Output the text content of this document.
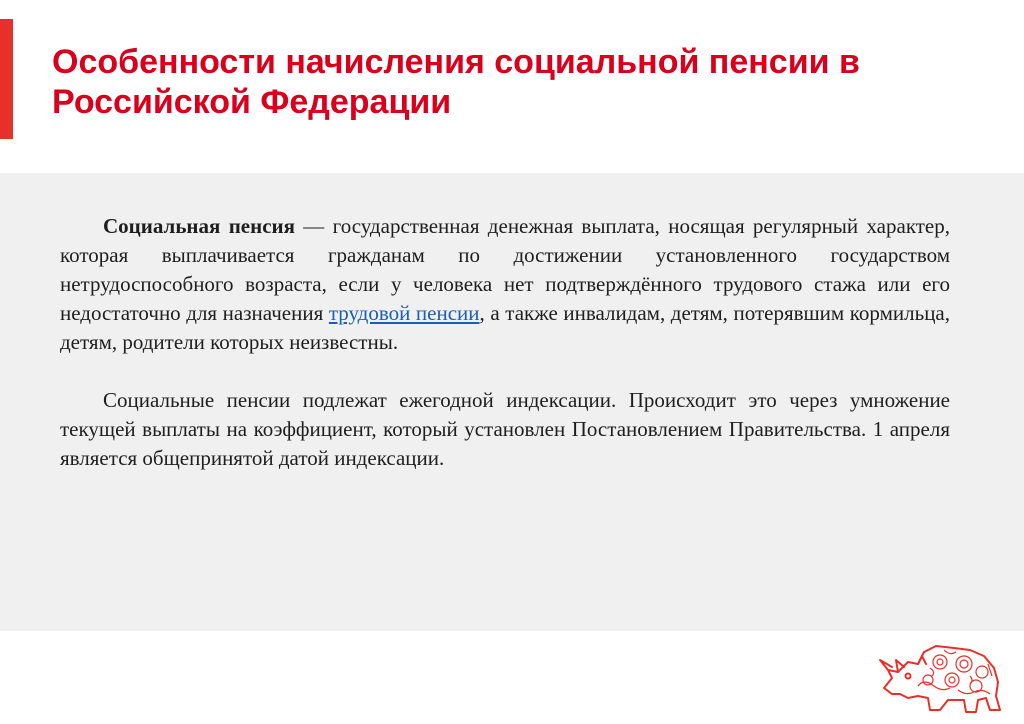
Особенности начисления социальной пенсии в Российской Федерации

Социальная пенсия — государственная денежная выплата, носящая регулярный характер, которая выплачивается гражданам по достижении установленного государством нетрудоспособного возраста, если у человека нет подтверждённого трудового стажа или его недостаточно для назначения трудовой пенсии, а также инвалидам, детям, потерявшим кормильца, детям, родители которых неизвестны.

Социальные пенсии подлежат ежегодной индексации. Происходит это через умножение текущей выплаты на коэффициент, который установлен Постановлением Правительства. 1 апреля является общепринятой датой индексации.
